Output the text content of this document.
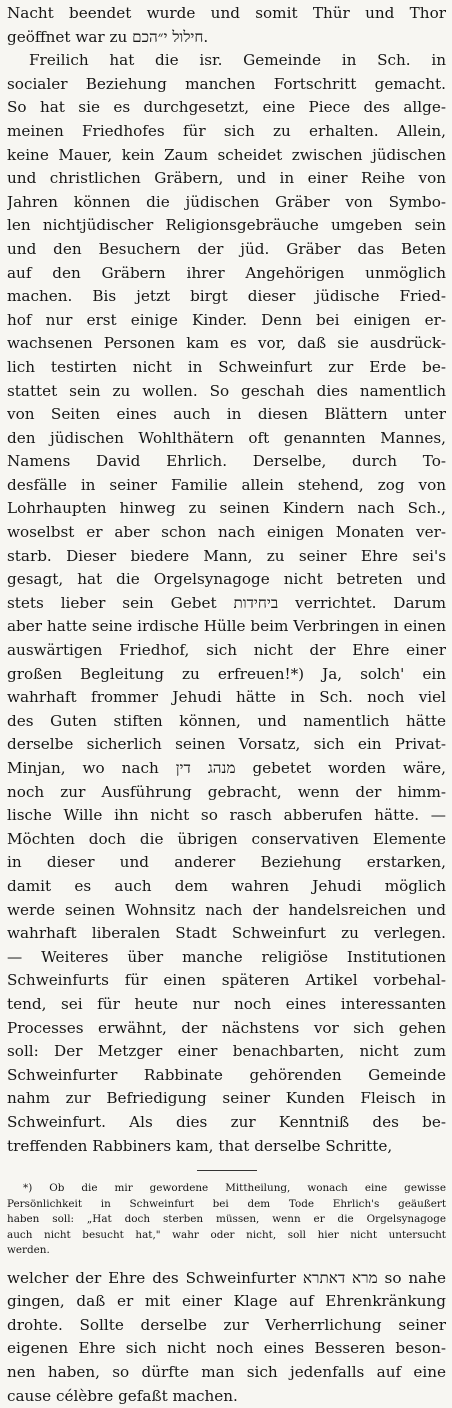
Nacht beendet wurde und somit Thür und Thor
geöffnet war zu חילול י״הכם.
Freilich hat die isr. Gemeinde in Sch. in
socialer Beziehung manchen Fortschritt gemacht.
So hat sie es durchgesetzt, eine Piece des allge-
meinen Friedhofes für sich zu erhalten. Allein,
keine Mauer, kein Zaum scheidet zwischen jüdischen
und christlichen Gräbern, und in einer Reihe von
Jahren können die jüdischen Gräber von Symbo-
len nichtjüdischer Religionsgebräuche umgeben sein
und den Besuchern der jüd. Gräber das Beten
auf den Gräbern ihrer Angehörigen unmöglich
machen. Bis jetzt birgt dieser jüdische Fried-
hof nur erst einige Kinder. Denn bei einigen er-
wachsenen Personen kam es vor, daß sie ausdrück-
lich testirten nicht in Schweinfurt zur Erde be-
stattet sein zu wollen. So geschah dies namentlich
von Seiten eines auch in diesen Blättern unter
den jüdischen Wohlthätern oft genannten Mannes,
Namens David Ehrlich. Derselbe, durch To-
desfälle in seiner Familie allein stehend, zog von
Lohrhaupten hinweg zu seinen Kindern nach Sch.,
woselbst er aber schon nach einigen Monaten ver-
starb. Dieser biedere Mann, zu seiner Ehre sei's
gesagt, hat die Orgelsynagoge nicht betreten und
stets lieber sein Gebet ביחידות verrichtet. Darum
aber hatte seine irdische Hülle beim Verbringen in einen
auswärtigen Friedhof, sich nicht der Ehre einer
großen Begleitung zu erfreuen!*) Ja, solch' ein
wahrhaft frommer Jehudi hätte in Sch. noch viel
des Guten stiften können, und namentlich hätte
derselbe sicherlich seinen Vorsatz, sich ein Privat-
Minjan, wo nach מנהג דין gebetet worden wäre,
noch zur Ausführung gebracht, wenn der himm-
lische Wille ihn nicht so rasch abberufen hätte. —
Möchten doch die übrigen conservativen Elemente
in dieser und anderer Beziehung erstarken,
damit es auch dem wahren Jehudi möglich
werde seinen Wohnsitz nach der handelsreichen und
wahrhaft liberalen Stadt Schweinfurt zu verlegen.
— Weiteres über manche religiöse Institutionen
Schweinfurts für einen späteren Artikel vorbehal-
tend, sei für heute nur noch eines interessanten
Processes erwähnt, der nächstens vor sich gehen
soll: Der Metzger einer benachbarten, nicht zum
Schweinfurter Rabbinate gehörenden Gemeinde
nahm zur Befriedigung seiner Kunden Fleisch in
Schweinfurt. Als dies zur Kenntniß des be-
treffenden Rabbiners kam, that derselbe Schritte,
*) Ob die mir gewordene Mittheilung, wonach eine gewisse
Persönlichkeit in Schweinfurt bei dem Tode Ehrlich's geäußert
haben soll: „Hat doch sterben müssen, wenn er die Orgelsynagoge
auch nicht besucht hat," wahr oder nicht, soll hier nicht untersucht
werden.
welcher der Ehre des Schweinfurter מרא דאתרא so nahe
gingen, daß er mit einer Klage auf Ehrenkränkung
drohte. Sollte derselbe zur Verherrlichung seiner
eigenen Ehre sich nicht noch eines Besseren beson-
nen haben, so dürfte man sich jedenfalls auf eine
cause célèbre gefaßt machen.
